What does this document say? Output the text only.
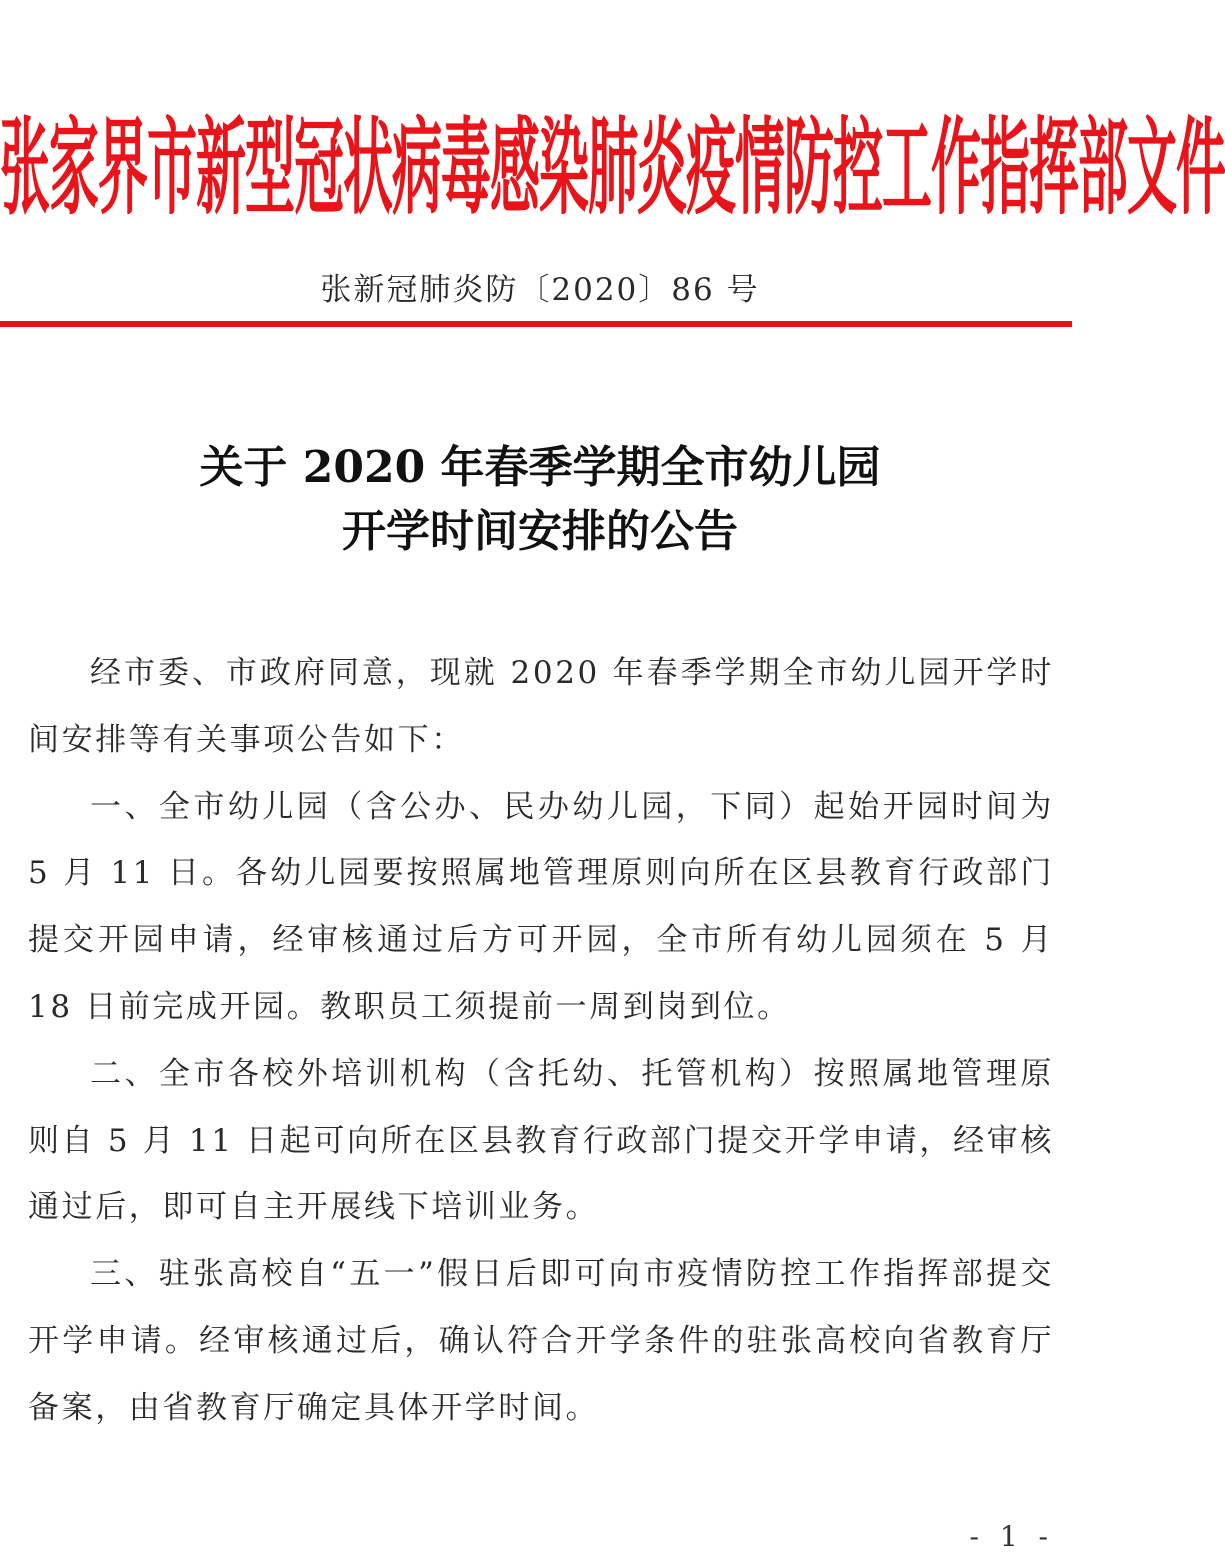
张家界市新型冠状病毒感染肺炎疫情防控工作指挥部文件
张新冠肺炎防〔2020〕86 号
关于 2020 年春季学期全市幼儿园
开学时间安排的公告

经市委、市政府同意，现就 2020 年春季学期全市幼儿园开学时间安排等有关事项公告如下：

一、全市幼儿园（含公办、民办幼儿园，下同）起始开园时间为 5 月 11 日。各幼儿园要按照属地管理原则向所在区县教育行政部门提交开园申请，经审核通过后方可开园，全市所有幼儿园须在 5 月 18 日前完成开园。教职员工须提前一周到岗到位。

二、全市各校外培训机构（含托幼、托管机构）按照属地管理原则自 5 月 11 日起可向所在区县教育行政部门提交开学申请，经审核通过后，即可自主开展线下培训业务。

三、驻张高校自“五一”假日后即可向市疫情防控工作指挥部提交开学申请。经审核通过后，确认符合开学条件的驻张高校向省教育厅备案，由省教育厅确定具体开学时间。

- 1 -
